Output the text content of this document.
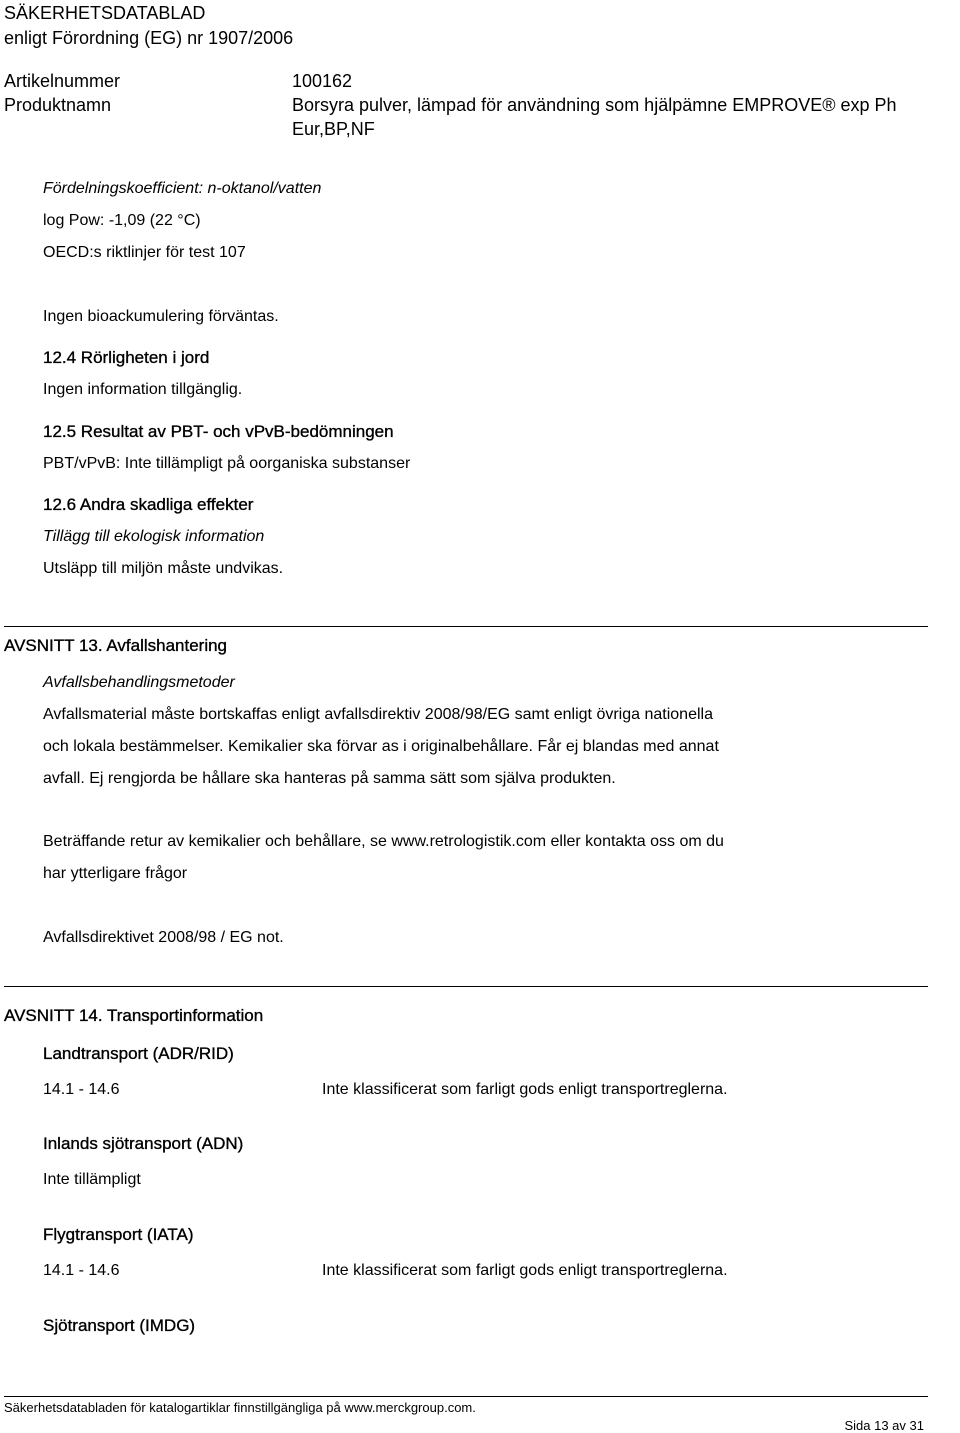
SÄKERHETSDATABLAD
enligt Förordning (EG) nr 1907/2006
Artikelnummer	100162
Produktnamn	Borsyra pulver, lämpad för användning som hjälpämne EMPROVE® exp Ph
Eur,BP,NF
Fördelningskoefficient: n-oktanol/vatten
log Pow: -1,09 (22 °C)
OECD:s riktlinjer för test 107
Ingen bioackumulering förväntas.
12.4 Rörligheten i jord
Ingen information tillgänglig.
12.5 Resultat av PBT- och vPvB-bedömningen
PBT/vPvB: Inte tillämpligt på oorganiska substanser
12.6 Andra skadliga effekter
Tillägg till ekologisk information
Utsläpp till miljön måste undvikas.
AVSNITT 13. Avfallshantering
Avfallsbehandlingsmetoder
Avfallsmaterial måste bortskaffas enligt avfallsdirektiv 2008/98/EG samt enligt övriga nationella
och lokala bestämmelser. Kemikalier ska förvar as i originalbehållare. Får ej blandas med annat
avfall. Ej rengjorda be hållare ska hanteras på samma sätt som själva produkten.
Beträffande retur av kemikalier och behållare, se www.retrologistik.com eller kontakta oss om du
har ytterligare frågor
Avfallsdirektivet 2008/98 / EG not.
AVSNITT 14. Transportinformation
Landtransport (ADR/RID)
14.1 - 14.6	Inte klassificerat som farligt gods enligt transportreglerna.
Inlands sjötransport (ADN)
Inte tillämpligt
Flygtransport (IATA)
14.1 - 14.6	Inte klassificerat som farligt gods enligt transportreglerna.
Sjötransport (IMDG)
Säkerhetsdatabladen för katalogartiklar finnstillgängliga på www.merckgroup.com.
Sida 13 av 31
